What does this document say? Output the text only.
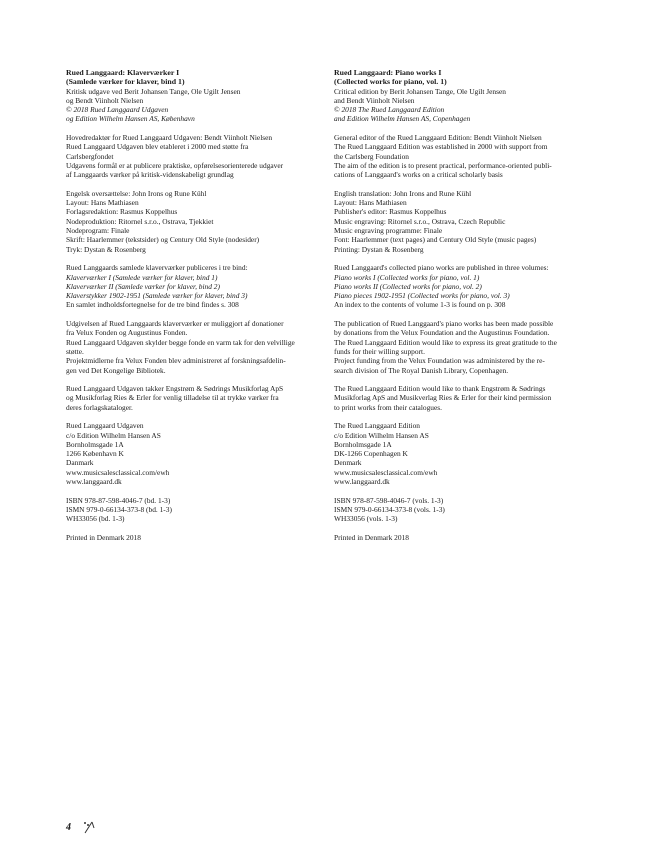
Rued Langgaard: Klaverværker I
(Samlede værker for klaver, bind 1)
Kritisk udgave ved Berit Johansen Tange, Ole Ugilt Jensen
og Bendt Viinholt Nielsen
© 2018 Rued Langgaard Udgaven
og Edition Wilhelm Hansen AS, København
Hovedredaktør for Rued Langgaard Udgaven: Bendt Viinholt Nielsen
Rued Langgaard Udgaven blev etableret i 2000 med støtte fra
Carlsbergfondet
Udgavens formål er at publicere praktiske, opførelsesorienterede udgaver
af Langgaards værker på kritisk-videnskabeligt grundlag
Engelsk oversættelse: John Irons og Rune Kühl
Layout: Hans Mathiasen
Forlagsredaktion: Rasmus Koppelhus
Nodeproduktion: Ritornel s.r.o., Ostrava, Tjekkiet
Nodeprogram: Finale
Skrift: Haarlemmer (tekstsider) og Century Old Style (nodesider)
Tryk: Dystan & Rosenberg
Rued Langgaards samlede klaverværker publiceres i tre bind:
Klaverværker I (Samlede værker for klaver, bind 1)
Klaverværker II (Samlede værker for klaver, bind 2)
Klaverstykker 1902-1951 (Samlede værker for klaver, bind 3)
En samlet indholdsfortegnelse for de tre bind findes s. 308
Udgivelsen af Rued Langgaards klaverværker er muliggjort af donationer
fra Velux Fonden og Augustinus Fonden.
Rued Langgaard Udgaven skylder begge fonde en varm tak for den velvillige
støtte.
Projektmidlerne fra Velux Fonden blev administreret af forskningsafdelin-
gen ved Det Kongelige Bibliotek.
Rued Langgaard Udgaven takker Engstrøm & Sødrings Musikforlag ApS
og Musikforlag Ries & Erler for venlig tilladelse til at trykke værker fra
deres forlagskataloger.
Rued Langgaard Udgaven
c/o Edition Wilhelm Hansen AS
Bornholmsgade 1A
1266 København K
Danmark
www.musicsalesclassical.com/ewh
www.langgaard.dk
ISBN 978-87-598-4046-7 (bd. 1-3)
ISMN 979-0-66134-373-8 (bd. 1-3)
WH33056 (bd. 1-3)
Printed in Denmark 2018
Rued Langgaard: Piano works I
(Collected works for piano, vol. 1)
Critical edition by Berit Johansen Tange, Ole Ugilt Jensen
and Bendt Viinholt Nielsen
© 2018 The Rued Langgaard Edition
and Edition Wilhelm Hansen AS, Copenhagen
General editor of the Rued Langgaard Edition: Bendt Viinholt Nielsen
The Rued Langgaard Edition was established in 2000 with support from
the Carlsberg Foundation
The aim of the edition is to present practical, performance-oriented publi-
cations of Langgaard's works on a critical scholarly basis
English translation: John Irons and Rune Kühl
Layout: Hans Mathiasen
Publisher's editor: Rasmus Koppelhus
Music engraving: Ritornel s.r.o., Ostrava, Czech Republic
Music engraving programme: Finale
Font: Haarlemmer (text pages) and Century Old Style (music pages)
Printing: Dystan & Rosenberg
Rued Langgaard's collected piano works are published in three volumes:
Piano works I (Collected works for piano, vol. 1)
Piano works II (Collected works for piano, vol. 2)
Piano pieces 1902-1951 (Collected works for piano, vol. 3)
An index to the contents of volume 1-3 is found on p. 308
The publication of Rued Langgaard's piano works has been made possible
by donations from the Velux Foundation and the Augustinus Foundation.
The Rued Langgaard Edition would like to express its great gratitude to the
funds for their willing support.
Project funding from the Velux Foundation was administered by the re-
search division of The Royal Danish Library, Copenhagen.
The Rued Langgaard Edition would like to thank Engstrøm & Sødrings
Musikforlag ApS and Musikverlag Ries & Erler for their kind permission
to print works from their catalogues.
The Rued Langgaard Edition
c/o Edition Wilhelm Hansen AS
Bornholmsgade 1A
DK-1266 Copenhagen K
Denmark
www.musicsalesclassical.com/ewh
www.langgaard.dk
ISBN 978-87-598-4046-7 (vols. 1-3)
ISMN 979-0-66134-373-8 (vols. 1-3)
WH33056 (vols. 1-3)
Printed in Denmark 2018
4
